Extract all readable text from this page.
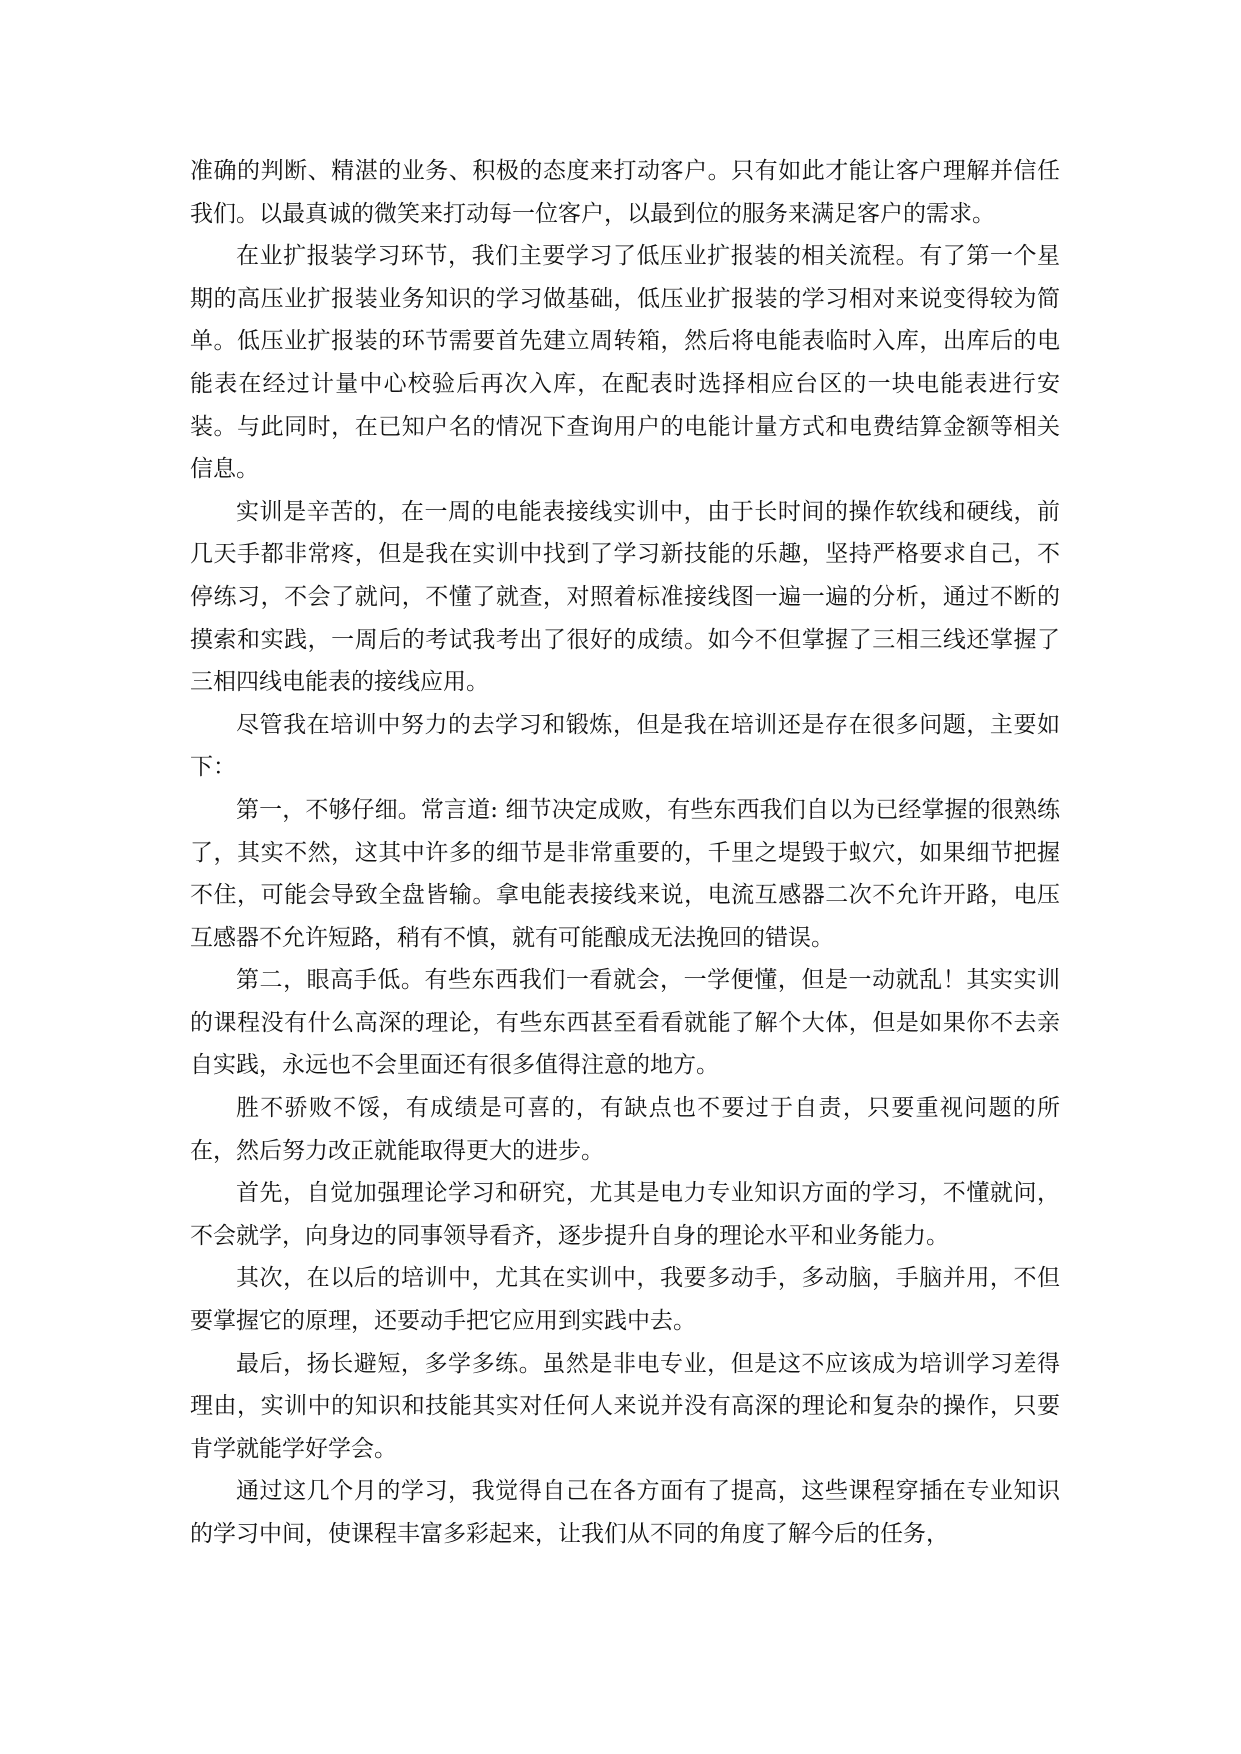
准确的判断、精湛的业务、积极的态度来打动客户。只有如此才能让客户理解并信任我们。以最真诚的微笑来打动每一位客户，以最到位的服务来满足客户的需求。

在业扩报装学习环节，我们主要学习了低压业扩报装的相关流程。有了第一个星期的高压业扩报装业务知识的学习做基础，低压业扩报装的学习相对来说变得较为简单。低压业扩报装的环节需要首先建立周转箱，然后将电能表临时入库，出库后的电能表在经过计量中心校验后再次入库，在配表时选择相应台区的一块电能表进行安装。与此同时，在已知户名的情况下查询用户的电能计量方式和电费结算金额等相关信息。

实训是辛苦的，在一周的电能表接线实训中，由于长时间的操作软线和硬线，前几天手都非常疼，但是我在实训中找到了学习新技能的乐趣，坚持严格要求自己，不停练习，不会了就问，不懂了就查，对照着标准接线图一遍一遍的分析，通过不断的摸索和实践，一周后的考试我考出了很好的成绩。如今不但掌握了三相三线还掌握了三相四线电能表的接线应用。

尽管我在培训中努力的去学习和锻炼，但是我在培训还是存在很多问题，主要如下：

第一，不够仔细。常言道: 细节决定成败，有些东西我们自以为已经掌握的很熟练了，其实不然，这其中许多的细节是非常重要的，千里之堤毁于蚁穴，如果细节把握不住，可能会导致全盘皆输。拿电能表接线来说，电流互感器二次不允许开路，电压互感器不允许短路，稍有不慎，就有可能酿成无法挽回的错误。

第二，眼高手低。有些东西我们一看就会，一学便懂，但是一动就乱！其实实训的课程没有什么高深的理论，有些东西甚至看看就能了解个大体，但是如果你不去亲自实践，永远也不会里面还有很多值得注意的地方。

胜不骄败不馁，有成绩是可喜的，有缺点也不要过于自责，只要重视问题的所在，然后努力改正就能取得更大的进步。

首先，自觉加强理论学习和研究，尤其是电力专业知识方面的学习，不懂就问，不会就学，向身边的同事领导看齐，逐步提升自身的理论水平和业务能力。

其次，在以后的培训中，尤其在实训中，我要多动手，多动脑，手脑并用，不但要掌握它的原理，还要动手把它应用到实践中去。

最后，扬长避短，多学多练。虽然是非电专业，但是这不应该成为培训学习差得理由，实训中的知识和技能其实对任何人来说并没有高深的理论和复杂的操作，只要肯学就能学好学会。

通过这几个月的学习，我觉得自己在各方面有了提高，这些课程穿插在专业知识的学习中间，使课程丰富多彩起来，让我们从不同的角度了解今后的任务，
